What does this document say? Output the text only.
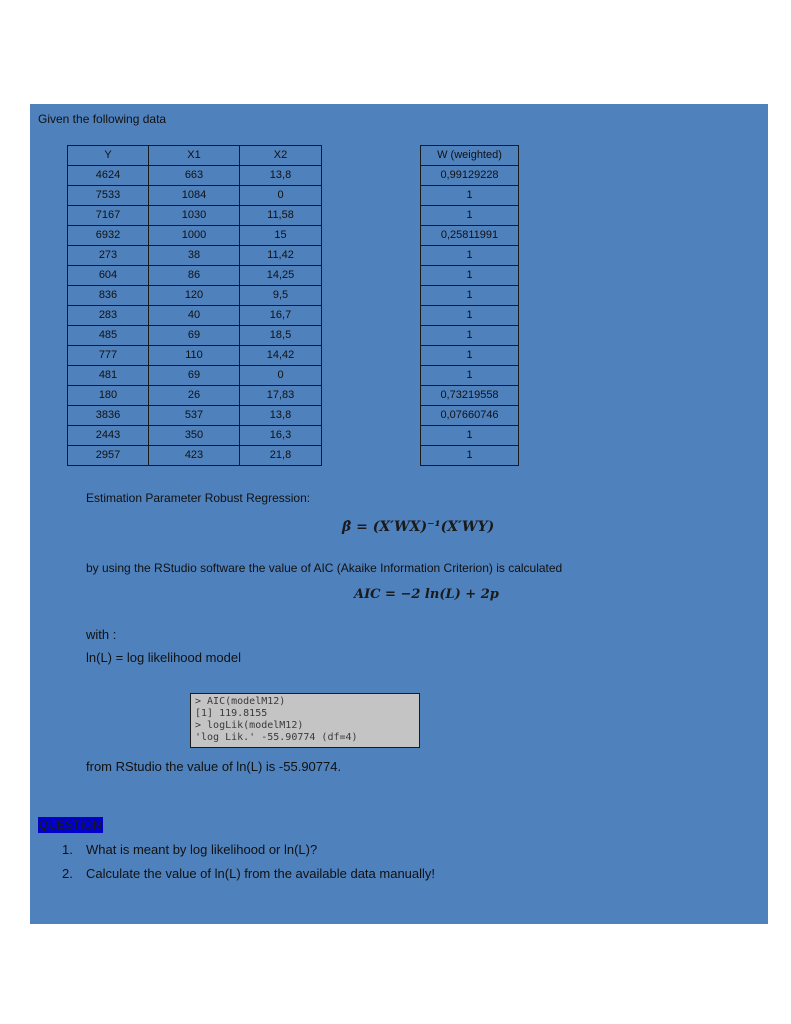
Given the following data
Y	X1	X2
4624	663	13,8
7533	1084	0
7167	1030	11,58
6932	1000	15
273	38	11,42
604	86	14,25
836	120	9,5
283	40	16,7
485	69	18,5
777	110	14,42
481	69	0
180	26	17,83
3836	537	13,8
2443	350	16,3
2957	423	21,8
W (weighted)
0,99129228
1
1
0,25811991
1
1
1
1
1
1
1
0,73219558
0,07660746
1
1
Estimation Parameter Robust Regression:
β̂ = (X′WX)⁻¹(X′WY)
by using the RStudio software the value of AIC (Akaike Information Criterion) is calculated
AIC = −2 ln(L) + 2p
with :
ln(L) = log likelihood model
> AIC(modelM12)
[1] 119.8155
> logLik(modelM12)
'log Lik.' -55.90774 (df=4)
from RStudio the value of ln(L) is -55.90774.
QUESTION
1. What is meant by log likelihood or ln(L)?
2. Calculate the value of ln(L) from the available data manually!
